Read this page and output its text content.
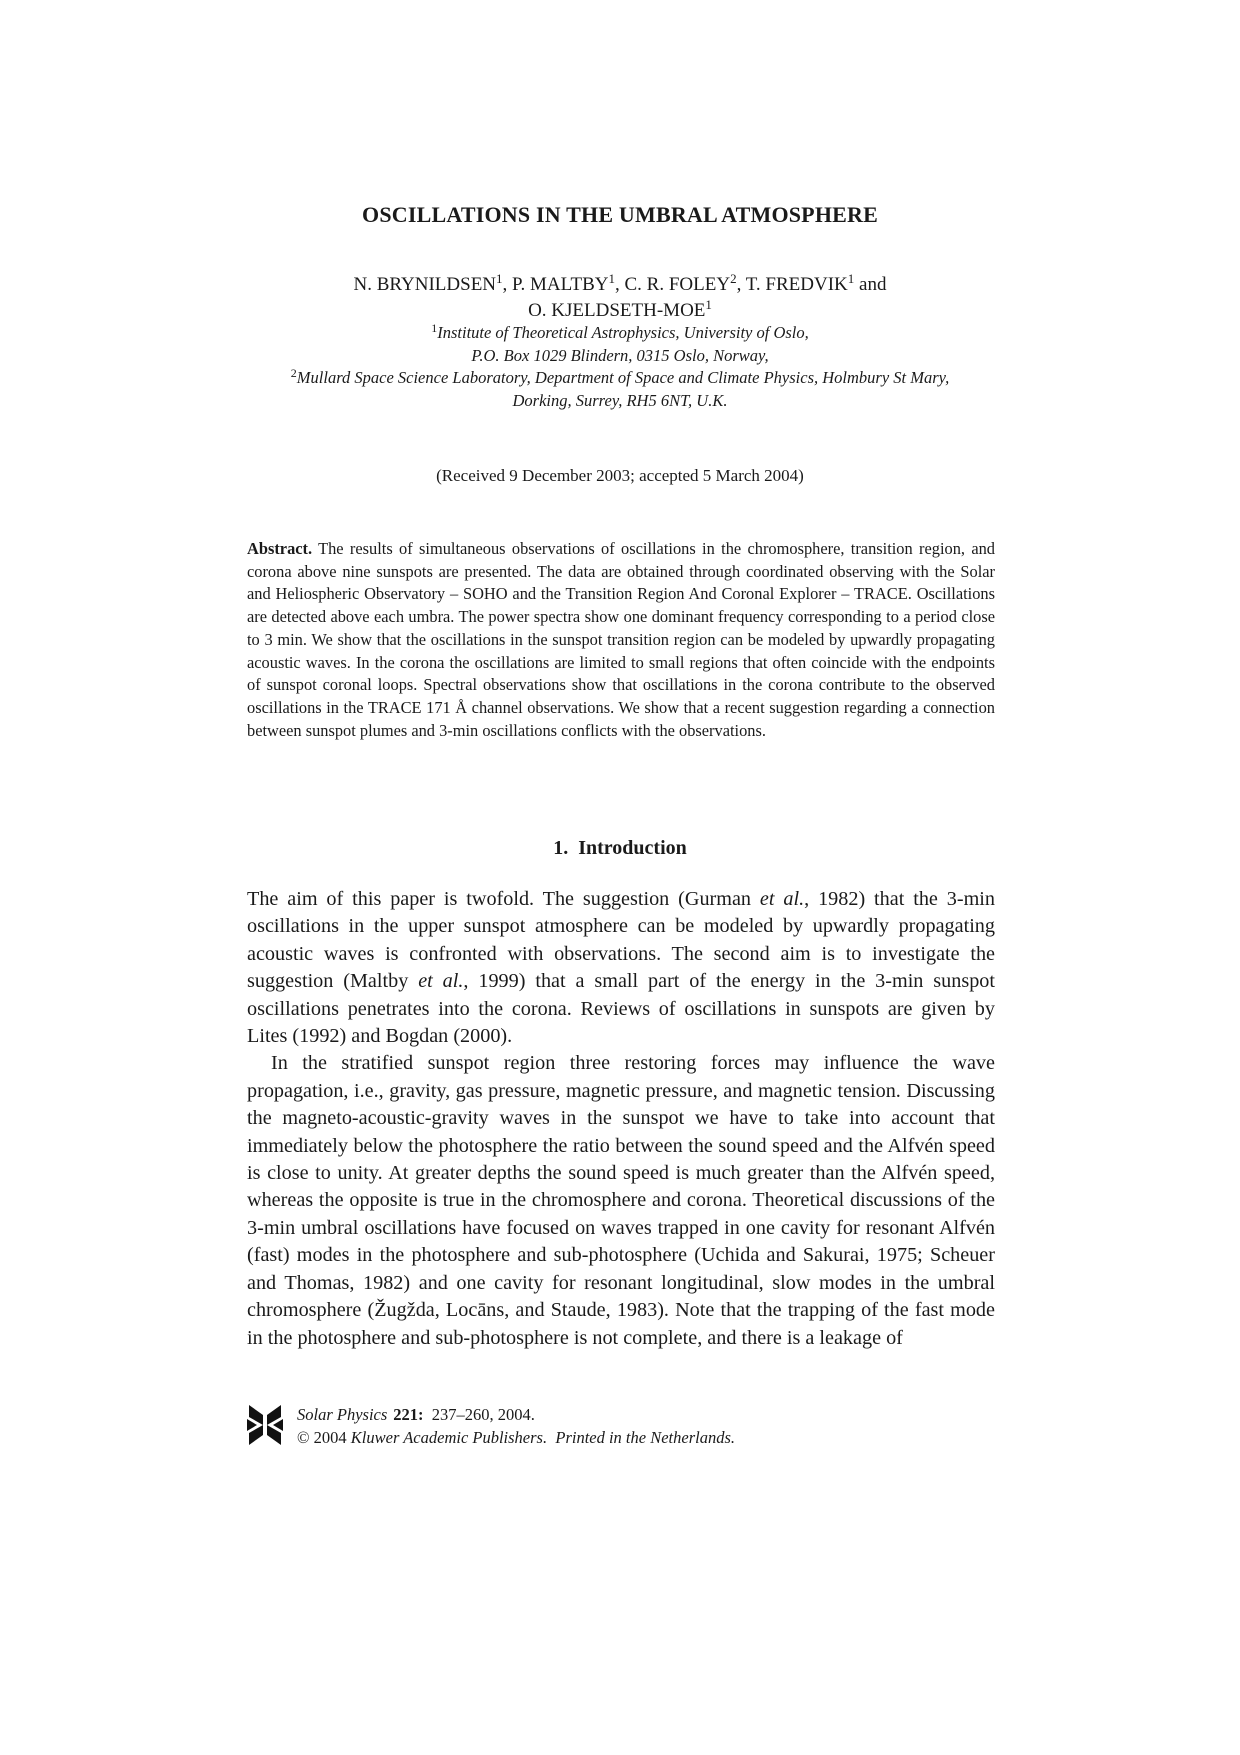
OSCILLATIONS IN THE UMBRAL ATMOSPHERE
N. BRYNILDSEN$^1$, P. MALTBY$^1$, C. R. FOLEY$^2$, T. FREDVIK$^1$ and
O. KJELDSETH-MOE$^1$
$^1$Institute of Theoretical Astrophysics, University of Oslo,
P.O. Box 1029 Blindern, 0315 Oslo, Norway,
$^2$Mullard Space Science Laboratory, Department of Space and Climate Physics, Holmbury St Mary,
Dorking, Surrey, RH5 6NT, U.K.
(Received 9 December 2003; accepted 5 March 2004)
Abstract. The results of simultaneous observations of oscillations in the chromosphere, transition region, and corona above nine sunspots are presented. The data are obtained through coordinated observing with the Solar and Heliospheric Observatory – SOHO and the Transition Region And Coronal Explorer – TRACE. Oscillations are detected above each umbra. The power spectra show one dominant frequency corresponding to a period close to 3 min. We show that the oscillations in the sunspot transition region can be modeled by upwardly propagating acoustic waves. In the corona the oscillations are limited to small regions that often coincide with the endpoints of sunspot coronal loops. Spectral observations show that oscillations in the corona contribute to the observed oscillations in the TRACE 171 Å channel observations. We show that a recent suggestion regarding a connection between sunspot plumes and 3-min oscillations conflicts with the observations.
1. Introduction

The aim of this paper is twofold. The suggestion (Gurman et al., 1982) that the 3-min oscillations in the upper sunspot atmosphere can be modeled by upwardly propagating acoustic waves is confronted with observations. The second aim is to investigate the suggestion (Maltby et al., 1999) that a small part of the energy in the 3-min sunspot oscillations penetrates into the corona. Reviews of oscillations in sunspots are given by Lites (1992) and Bogdan (2000).

In the stratified sunspot region three restoring forces may influence the wave propagation, i.e., gravity, gas pressure, magnetic pressure, and magnetic tension. Discussing the magneto-acoustic-gravity waves in the sunspot we have to take into account that immediately below the photosphere the ratio between the sound speed and the Alfvén speed is close to unity. At greater depths the sound speed is much greater than the Alfvén speed, whereas the opposite is true in the chromosphere and corona. Theoretical discussions of the 3-min umbral oscillations have focused on waves trapped in one cavity for resonant Alfvén (fast) modes in the photosphere and sub-photosphere (Uchida and Sakurai, 1975; Scheuer and Thomas, 1982) and one cavity for resonant longitudinal, slow modes in the umbral chromosphere (Žugžda, Locāns, and Staude, 1983). Note that the trapping of the fast mode in the photosphere and sub-photosphere is not complete, and there is a leakage of

Solar Physics 221: 237–260, 2004.
© 2004 Kluwer Academic Publishers. Printed in the Netherlands.
